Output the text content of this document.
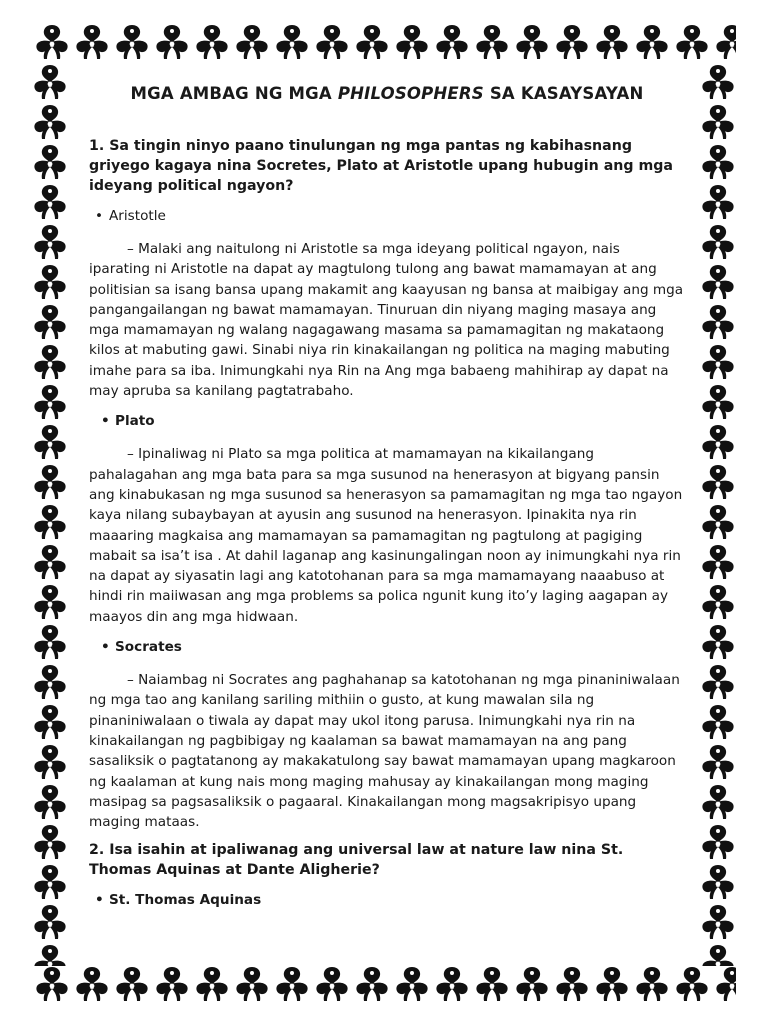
MGA AMBAG NG MGA PHILOSOPHERS SA KASAYSAYAN

1. Sa tingin ninyo paano tinulungan ng mga pantas ng kabihasnang griyego kagaya nina Socretes, Plato at Aristotle upang hubugin ang mga ideyang political ngayon?

• Aristotle

– Malaki ang naitulong ni Aristotle sa mga ideyang political ngayon, nais iparating ni Aristotle na dapat ay magtulong tulong ang bawat mamamayan at ang politisian sa isang bansa upang makamit ang kaayusan ng bansa at maibigay ang mga pangangailangan ng bawat mamamayan. Tinuruan din niyang maging masaya ang mga mamamayan ng walang nagagawang masama sa pamamagitan ng makataong kilos at mabuting gawi. Sinabi niya rin kinakailangan ng politica na maging mabuting imahe para sa iba. Inimungkahi nya Rin na Ang mga babaeng mahihirap ay dapat na may apruba sa kanilang pagtatrabaho.

• Plato

– Ipinaliwag ni Plato sa mga politica at mamamayan na kikailangang pahalagahan ang mga bata para sa mga susunod na henerasyon at bigyang pansin ang kinabukasan ng mga susunod sa henerasyon sa pamamagitan ng mga tao ngayon kaya nilang subaybayan at ayusin ang susunod na henerasyon. Ipinakita nya rin maaaring magkaisa ang mamamayan sa pamamagitan ng pagtulong at pagiging mabait sa isa’t isa . At dahil laganap ang kasinungalingan noon ay inimungkahi nya rin na dapat ay siyasatin lagi ang katotohanan para sa mga mamamayang naaabuso at hindi rin maiiwasan ang mga problems sa polica ngunit kung ito’y laging aagapan ay maayos din ang mga hidwaan.

• Socrates

– Naiambag ni Socrates ang paghahanap sa katotohanan ng mga pinaniniwalaan ng mga tao ang kanilang sariling mithiin o gusto, at kung mawalan sila ng pinaniniwalaan o tiwala ay dapat may ukol itong parusa. Inimungkahi nya rin na kinakailangan ng pagbibigay ng kaalaman sa bawat mamamayan na ang pang sasaliksik o pagtatanong ay makakatulong say bawat mamamayan upang magkaroon ng kaalaman at kung nais mong maging mahusay ay kinakailangan mong maging masipag sa pagsasaliksik o pagaaral. Kinakailangan mong magsakripisyo upang maging mataas.

2. Isa isahin at ipaliwanag ang universal law at nature law nina St. Thomas Aquinas at Dante Aligherie?

• St. Thomas Aquinas
